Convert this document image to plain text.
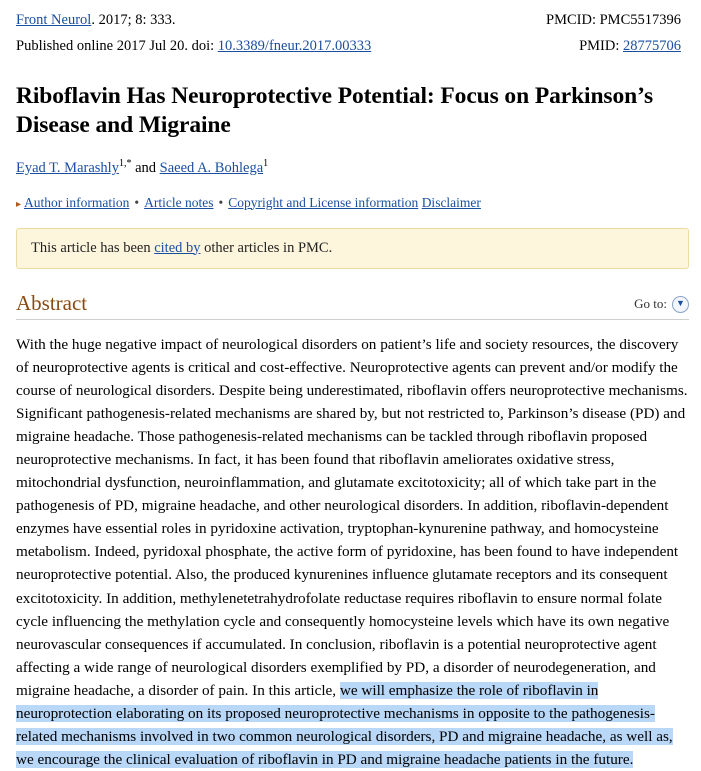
Front Neurol. 2017; 8: 333.	PMCID: PMC5517396
Published online 2017 Jul 20. doi: 10.3389/fneur.2017.00333	PMID: 28775706
Riboflavin Has Neuroprotective Potential: Focus on Parkinson’s Disease and Migraine
Eyad T. Marashly$^{1,*}$ and Saeed A. Bohlega$^1$
▸ Author information • Article notes • Copyright and License information Disclaimer
This article has been cited by other articles in PMC.
Abstract	Go to:	▼
With the huge negative impact of neurological disorders on patient’s life and society resources, the discovery of neuroprotective agents is critical and cost-effective. Neuroprotective agents can prevent and/or modify the course of neurological disorders. Despite being underestimated, riboflavin offers neuroprotective mechanisms. Significant pathogenesis-related mechanisms are shared by, but not restricted to, Parkinson’s disease (PD) and migraine headache. Those pathogenesis-related mechanisms can be tackled through riboflavin proposed neuroprotective mechanisms. In fact, it has been found that riboflavin ameliorates oxidative stress, mitochondrial dysfunction, neuroinflammation, and glutamate excitotoxicity; all of which take part in the pathogenesis of PD, migraine headache, and other neurological disorders. In addition, riboflavin-dependent enzymes have essential roles in pyridoxine activation, tryptophan-kynurenine pathway, and homocysteine metabolism. Indeed, pyridoxal phosphate, the active form of pyridoxine, has been found to have independent neuroprotective potential. Also, the produced kynurenines influence glutamate receptors and its consequent excitotoxicity. In addition, methylenetetrahydrofolate reductase requires riboflavin to ensure normal folate cycle influencing the methylation cycle and consequently homocysteine levels which have its own negative neurovascular consequences if accumulated. In conclusion, riboflavin is a potential neuroprotective agent affecting a wide range of neurological disorders exemplified by PD, a disorder of neurodegeneration, and migraine headache, a disorder of pain. In this article, we will emphasize the role of riboflavin in neuroprotection elaborating on its proposed neuroprotective mechanisms in opposite to the pathogenesis-related mechanisms involved in two common neurological disorders, PD and migraine headache, as well as, we encourage the clinical evaluation of riboflavin in PD and migraine headache patients in the future.
